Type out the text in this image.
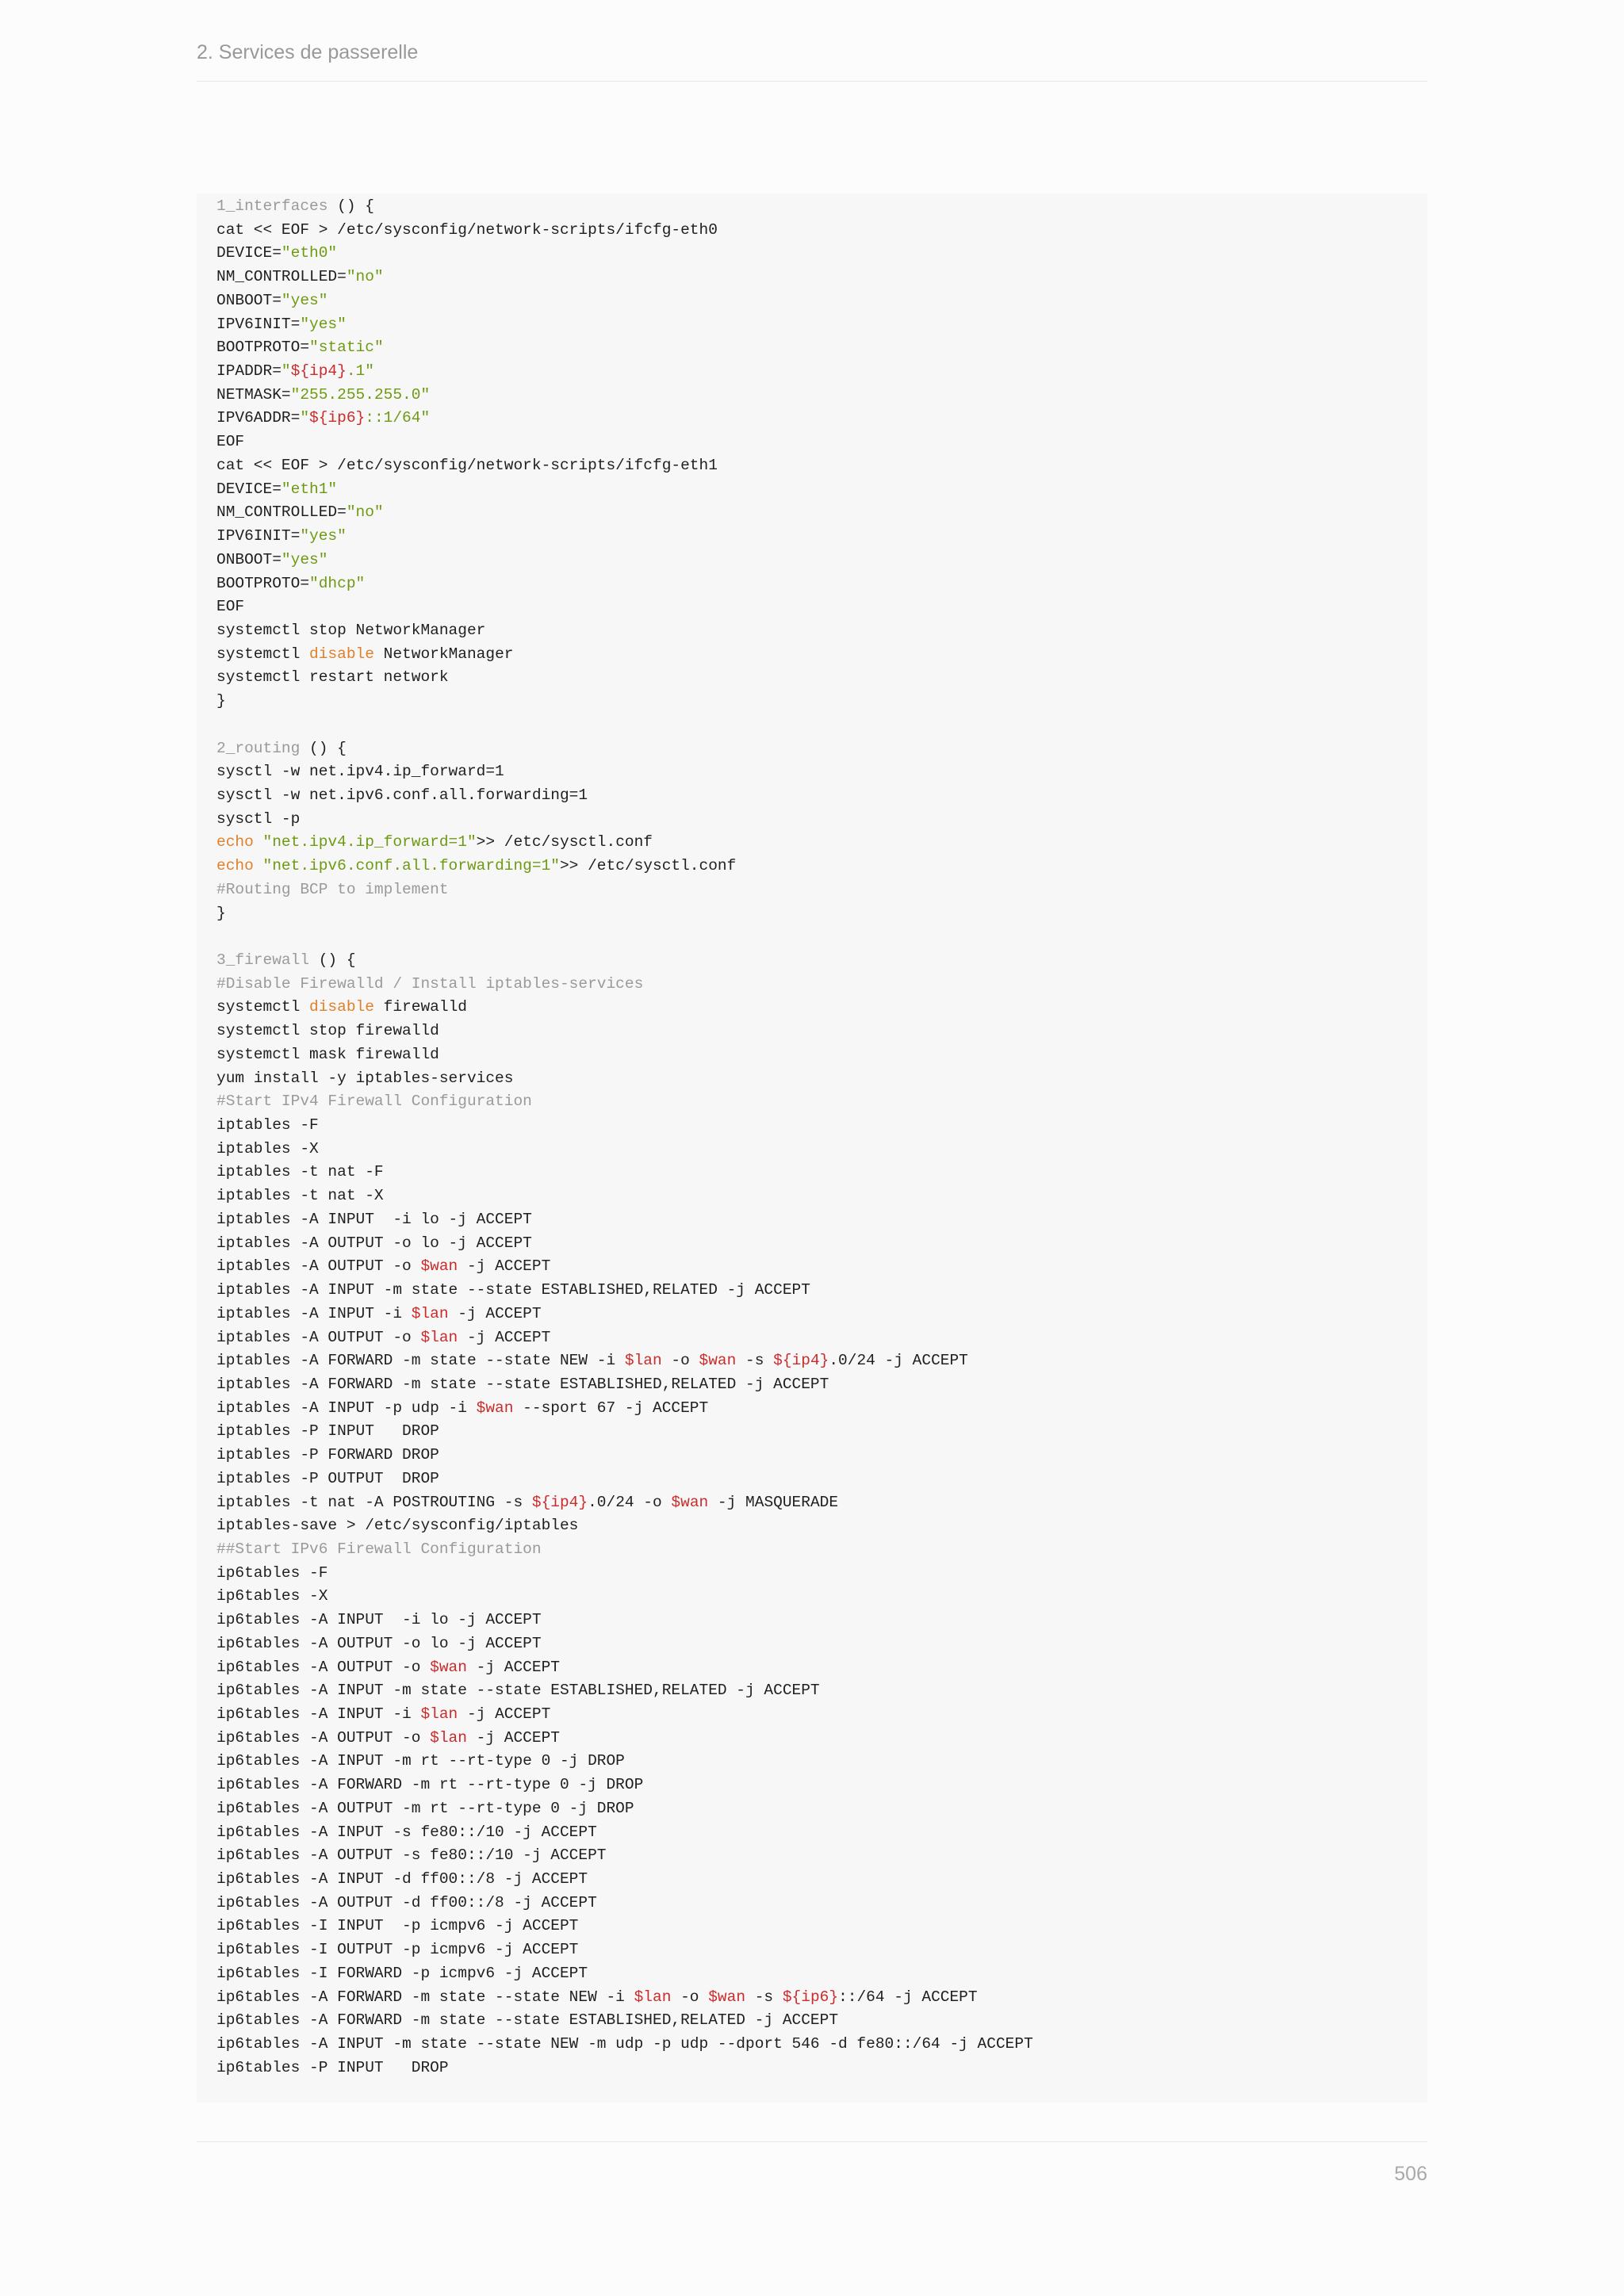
2. Services de passerelle
1_interfaces () {
cat << EOF > /etc/sysconfig/network-scripts/ifcfg-eth0
DEVICE="eth0"
NM_CONTROLLED="no"
ONBOOT="yes"
IPV6INIT="yes"
BOOTPROTO="static"
IPADDR="${ip4}.1"
NETMASK="255.255.255.0"
IPV6ADDR="${ip6}::1/64"
EOF
cat << EOF > /etc/sysconfig/network-scripts/ifcfg-eth1
DEVICE="eth1"
NM_CONTROLLED="no"
IPV6INIT="yes"
ONBOOT="yes"
BOOTPROTO="dhcp"
EOF
systemctl stop NetworkManager
systemctl disable NetworkManager
systemctl restart network
}
2_routing () {
sysctl -w net.ipv4.ip_forward=1
sysctl -w net.ipv6.conf.all.forwarding=1
sysctl -p
echo "net.ipv4.ip_forward=1">> /etc/sysctl.conf
echo "net.ipv6.conf.all.forwarding=1">> /etc/sysctl.conf
#Routing BCP to implement
}
3_firewall () {
#Disable Firewalld / Install iptables-services
systemctl disable firewalld
systemctl stop firewalld
systemctl mask firewalld
yum install -y iptables-services
#Start IPv4 Firewall Configuration
iptables -F
iptables -X
iptables -t nat -F
iptables -t nat -X
iptables -A INPUT  -i lo -j ACCEPT
iptables -A OUTPUT -o lo -j ACCEPT
iptables -A OUTPUT -o $wan -j ACCEPT
iptables -A INPUT -m state --state ESTABLISHED,RELATED -j ACCEPT
iptables -A INPUT -i $lan -j ACCEPT
iptables -A OUTPUT -o $lan -j ACCEPT
iptables -A FORWARD -m state --state NEW -i $lan -o $wan -s ${ip4}.0/24 -j ACCEPT
iptables -A FORWARD -m state --state ESTABLISHED,RELATED -j ACCEPT
iptables -A INPUT -p udp -i $wan --sport 67 -j ACCEPT
iptables -P INPUT   DROP
iptables -P FORWARD DROP
iptables -P OUTPUT  DROP
iptables -t nat -A POSTROUTING -s ${ip4}.0/24 -o $wan -j MASQUERADE
iptables-save > /etc/sysconfig/iptables
##Start IPv6 Firewall Configuration
ip6tables -F
ip6tables -X
ip6tables -A INPUT  -i lo -j ACCEPT
ip6tables -A OUTPUT -o lo -j ACCEPT
ip6tables -A OUTPUT -o $wan -j ACCEPT
ip6tables -A INPUT -m state --state ESTABLISHED,RELATED -j ACCEPT
ip6tables -A INPUT -i $lan -j ACCEPT
ip6tables -A OUTPUT -o $lan -j ACCEPT
ip6tables -A INPUT -m rt --rt-type 0 -j DROP
ip6tables -A FORWARD -m rt --rt-type 0 -j DROP
ip6tables -A OUTPUT -m rt --rt-type 0 -j DROP
ip6tables -A INPUT -s fe80::/10 -j ACCEPT
ip6tables -A OUTPUT -s fe80::/10 -j ACCEPT
ip6tables -A INPUT -d ff00::/8 -j ACCEPT
ip6tables -A OUTPUT -d ff00::/8 -j ACCEPT
ip6tables -I INPUT  -p icmpv6 -j ACCEPT
ip6tables -I OUTPUT -p icmpv6 -j ACCEPT
ip6tables -I FORWARD -p icmpv6 -j ACCEPT
ip6tables -A FORWARD -m state --state NEW -i $lan -o $wan -s ${ip6}::/64 -j ACCEPT
ip6tables -A FORWARD -m state --state ESTABLISHED,RELATED -j ACCEPT
ip6tables -A INPUT -m state --state NEW -m udp -p udp --dport 546 -d fe80::/64 -j ACCEPT
ip6tables -P INPUT   DROP
506
